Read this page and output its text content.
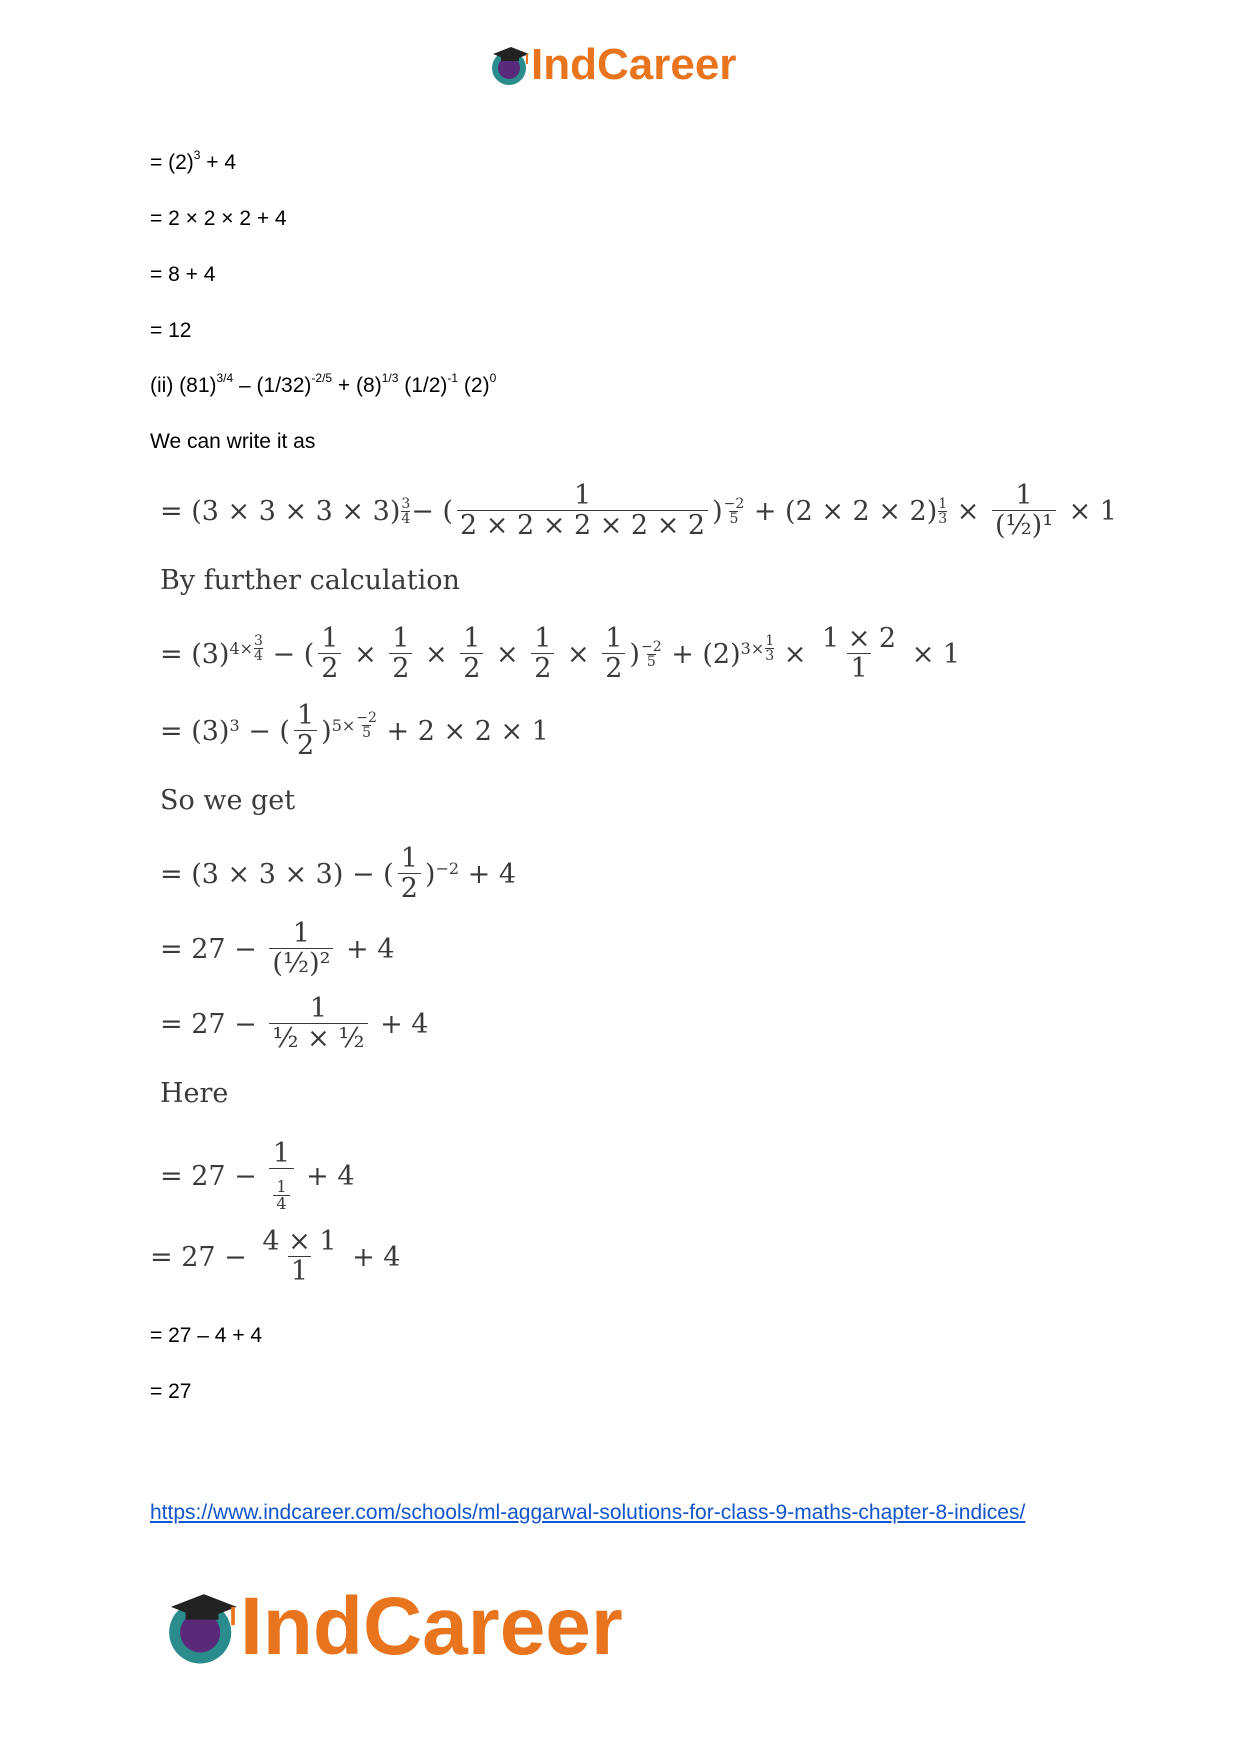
IndCareer
= $(2)^3 + 4$
= 2 × 2 × 2 + 4
= 8 + 4
= 12
(ii) $(81)^{3/4} - (1/32)^{-2/5} + (8)^{1/3}$ $(1/2)^{-1}$ $(2)^0$
We can write it as
= $(3 \times 3 \times 3 \times 3) \frac{3}{4}$ − ( $\frac{1}{2 \times 2 \times 2 \times 2 \times 2}$ ) $\frac{-2}{5} + (2 \times 2 \times 2) \frac{1}{3} \times \frac{1}{\text{(½)¹}} \times 1$
By further calculation
= (3) $4\times \frac{3}{4}$ − ( $\frac{1}{2} \times \frac{1}{2} \times \frac{1}{2} \times \frac{1}{2} \times \frac{1}{2}$ ) $\frac{-2}{5} + (2)$ $3\times \frac{1}{3} \times \frac{1 \times 2}{1} \times 1$
= (3) 3 − ( $\frac{1}{2}$ ) $5\times \frac{-2}{5} + 2 \times 2 \times 1$
So we get
= (3 × 3 × 3) − ( $\frac{1}{2}$ ) −2 + 4
= $27 - \frac{1}{\text{(½)²}} + 4$
= $27 - \frac{1}{\text{½ × ½}} + 4$
Here
= $27 - \frac{1}{\frac{1}{4}} + 4$
= $27 - \frac{4 \times 1}{1} + 4$
= 27 – 4 + 4
= 27
https://www.indcareer.com/schools/ml-aggarwal-solutions-for-class-9-maths-chapter-8-indices/
IndCareer
